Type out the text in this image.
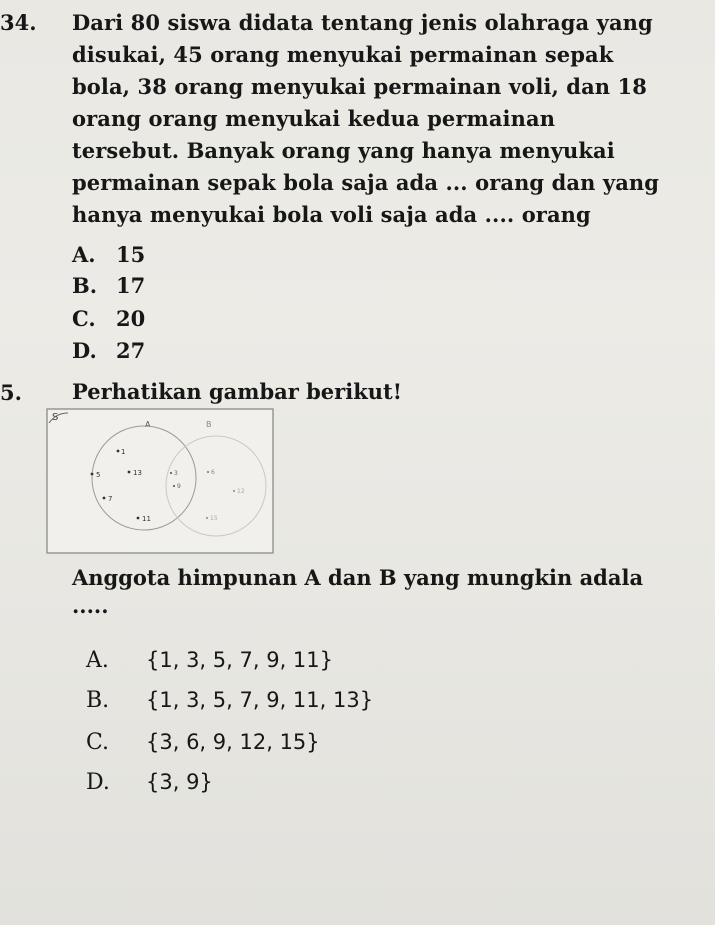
34. Dari 80 siswa didata tentang jenis olahraga yang
disukai, 45 orang menyukai permainan sepak
bola, 38 orang menyukai permainan voli, dan 18
orang orang menyukai kedua permainan
tersebut. Banyak orang yang hanya menyukai
permainan sepak bola saja ada ... orang dan yang
hanya menyukai bola voli saja ada .... orang
A. 15
B. 17
C. 20
D. 27
5. Perhatikan gambar berikut!
S
A	B
1
5	13
7
11
3
9
6
12
15
Anggota himpunan A dan B yang mungkin adala
.....
A. {1, 3, 5, 7, 9, 11}
B. {1, 3, 5, 7, 9, 11, 13}
C. {3, 6, 9, 12, 15}
D. {3, 9}
